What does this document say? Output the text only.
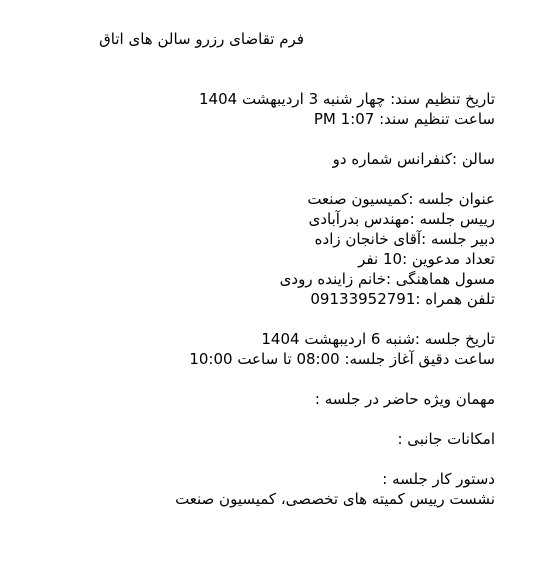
فرم تقاضای رزرو سالن های اتاق
تاریخ تنظیم سند: چهار شنبه 3 اردیبهشت 1404
ساعت تنظیم سند: 1:07 PM
سالن :کنفرانس شماره دو
عنوان جلسه :کمیسیون صنعت
رییس جلسه :مهندس بدرآبادی
دبیر جلسه :آقای خانجان زاده
تعداد مدعوین :10 نفر
مسول هماهنگی :خانم زاینده رودی
تلفن همراه :09133952791
تاریخ جلسه :شنبه 6 اردیبهشت 1404
ساعت دقیق آغاز جلسه: 08:00 تا ساعت 10:00
مهمان ویژه حاضر در جلسه :
امکانات جانبی :
دستور کار جلسه :
نشست رییس کمیته های تخصصی، کمیسیون صنعت
